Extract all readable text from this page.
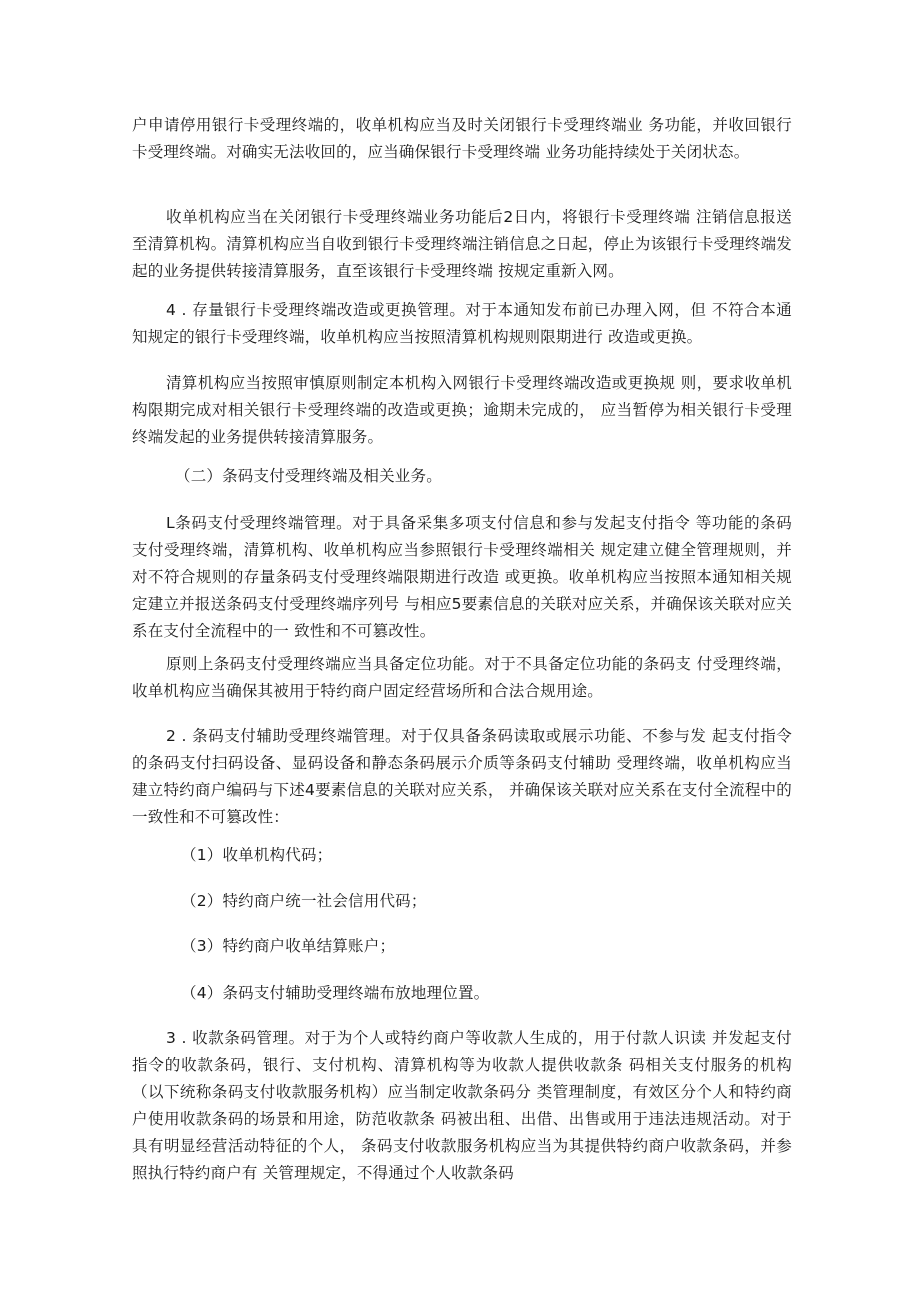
户申请停用银行卡受理终端的，收单机构应当及时关闭银行卡受理终端业 务功能，并收回银行卡受理终端。对确实无法收回的，应当确保银行卡受理终端 业务功能持续处于关闭状态。

收单机构应当在关闭银行卡受理终端业务功能后2日内，将银行卡受理终端 注销信息报送至清算机构。清算机构应当自收到银行卡受理终端注销信息之日起，停止为该银行卡受理终端发起的业务提供转接清算服务，直至该银行卡受理终端 按规定重新入网。

4 . 存量银行卡受理终端改造或更换管理。对于本通知发布前已办理入网，但 不符合本通知规定的银行卡受理终端，收单机构应当按照清算机构规则限期进行 改造或更换。

清算机构应当按照审慎原则制定本机构入网银行卡受理终端改造或更换规 则，要求收单机构限期完成对相关银行卡受理终端的改造或更换；逾期未完成的， 应当暂停为相关银行卡受理终端发起的业务提供转接清算服务。

（二）条码支付受理终端及相关业务。

L条码支付受理终端管理。对于具备采集多项支付信息和参与发起支付指令 等功能的条码支付受理终端，清算机构、收单机构应当参照银行卡受理终端相关 规定建立健全管理规则，并对不符合规则的存量条码支付受理终端限期进行改造 或更换。收单机构应当按照本通知相关规定建立并报送条码支付受理终端序列号 与相应5要素信息的关联对应关系，并确保该关联对应关系在支付全流程中的一 致性和不可篡改性。

原则上条码支付受理终端应当具备定位功能。对于不具备定位功能的条码支 付受理终端，收单机构应当确保其被用于特约商户固定经营场所和合法合规用途。

2 . 条码支付辅助受理终端管理。对于仅具备条码读取或展示功能、不参与发 起支付指令的条码支付扫码设备、显码设备和静态条码展示介质等条码支付辅助 受理终端，收单机构应当建立特约商户编码与下述4要素信息的关联对应关系， 并确保该关联对应关系在支付全流程中的一致性和不可篡改性：

（1）收单机构代码；

（2）特约商户统一社会信用代码；

（3）特约商户收单结算账户；

（4）条码支付辅助受理终端布放地理位置。

3 . 收款条码管理。对于为个人或特约商户等收款人生成的，用于付款人识读 并发起支付指令的收款条码，银行、支付机构、清算机构等为收款人提供收款条 码相关支付服务的机构（以下统称条码支付收款服务机构）应当制定收款条码分 类管理制度，有效区分个人和特约商户使用收款条码的场景和用途，防范收款条 码被出租、出借、出售或用于违法违规活动。对于具有明显经营活动特征的个人， 条码支付收款服务机构应当为其提供特约商户收款条码，并参照执行特约商户有 关管理规定，不得通过个人收款条码
